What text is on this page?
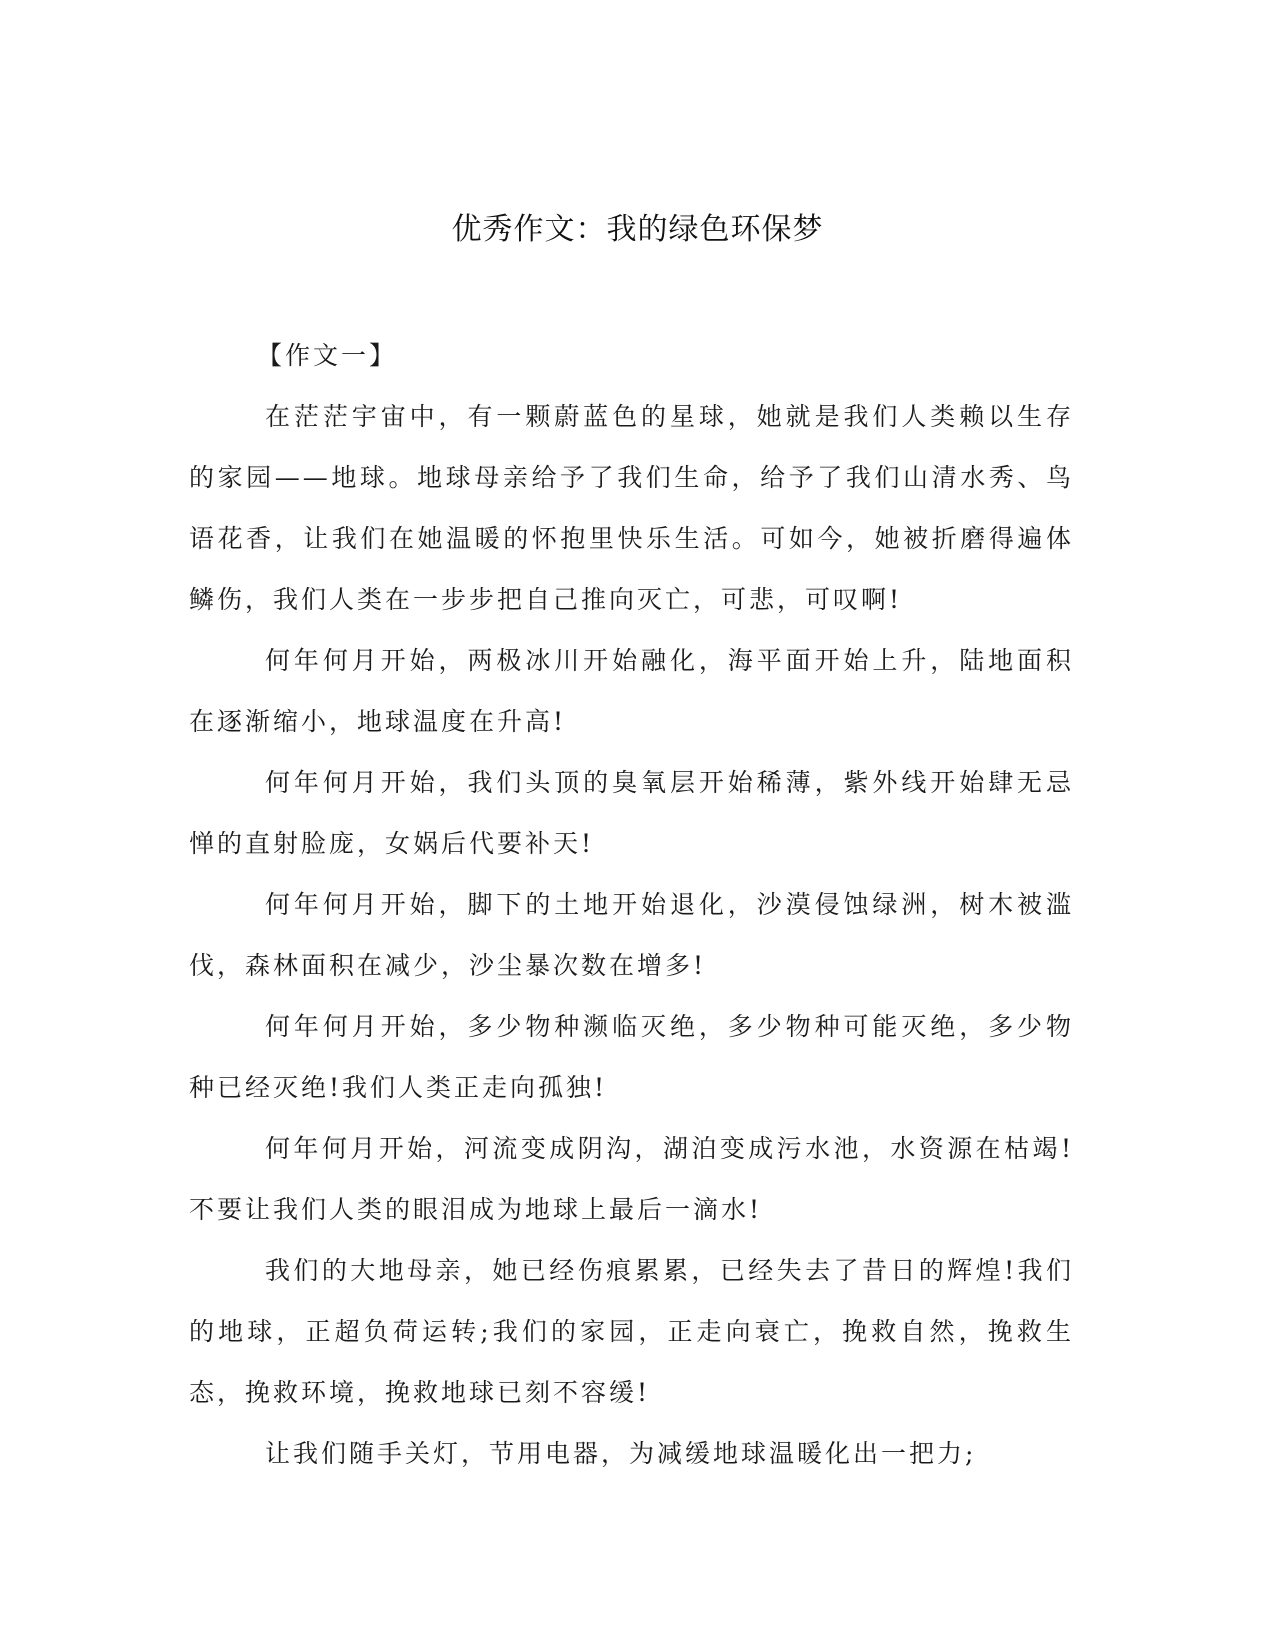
优秀作文：我的绿色环保梦

【作文一】

在茫茫宇宙中，有一颗蔚蓝色的星球，她就是我们人类赖以生存的家园——地球。地球母亲给予了我们生命，给予了我们山清水秀、鸟语花香，让我们在她温暖的怀抱里快乐生活。可如今，她被折磨得遍体鳞伤，我们人类在一步步把自己推向灭亡，可悲，可叹啊!

何年何月开始，两极冰川开始融化，海平面开始上升，陆地面积在逐渐缩小，地球温度在升高!

何年何月开始，我们头顶的臭氧层开始稀薄，紫外线开始肆无忌惮的直射脸庞，女娲后代要补天!

何年何月开始，脚下的土地开始退化，沙漠侵蚀绿洲，树木被滥伐，森林面积在减少，沙尘暴次数在增多!

何年何月开始，多少物种濒临灭绝，多少物种可能灭绝，多少物种已经灭绝!我们人类正走向孤独!

何年何月开始，河流变成阴沟，湖泊变成污水池，水资源在枯竭!不要让我们人类的眼泪成为地球上最后一滴水!

我们的大地母亲，她已经伤痕累累，已经失去了昔日的辉煌!我们的地球，正超负荷运转;我们的家园，正走向衰亡，挽救自然，挽救生态，挽救环境，挽救地球已刻不容缓!

让我们随手关灯，节用电器，为减缓地球温暖化出一把力;
